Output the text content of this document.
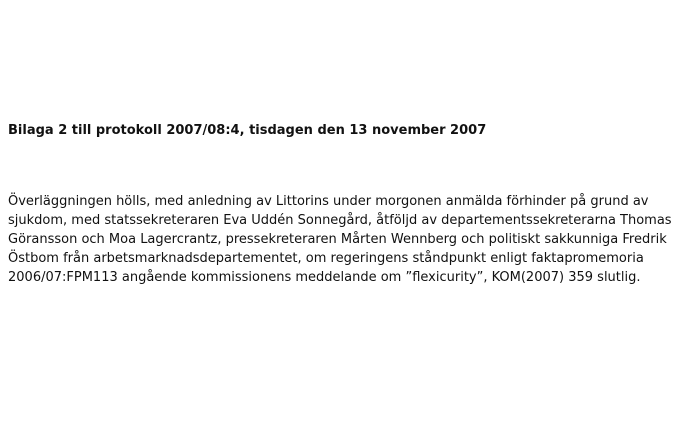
Bilaga 2 till protokoll 2007/08:4, tisdagen den 13 november 2007

Överläggningen hölls, med anledning av Littorins under morgonen anmälda förhinder på grund av
sjukdom, med statssekreteraren Eva Uddén Sonnegård, åtföljd av departementssekreterarna Thomas
Göransson och Moa Lagercrantz, pressekreteraren Mårten Wennberg och politiskt sakkunniga Fredrik
Östbom från arbetsmarknadsdepartementet, om regeringens ståndpunkt enligt faktapromemoria
2006/07:FPM113 angående kommissionens meddelande om ”flexicurity”, KOM(2007) 359 slutlig.
